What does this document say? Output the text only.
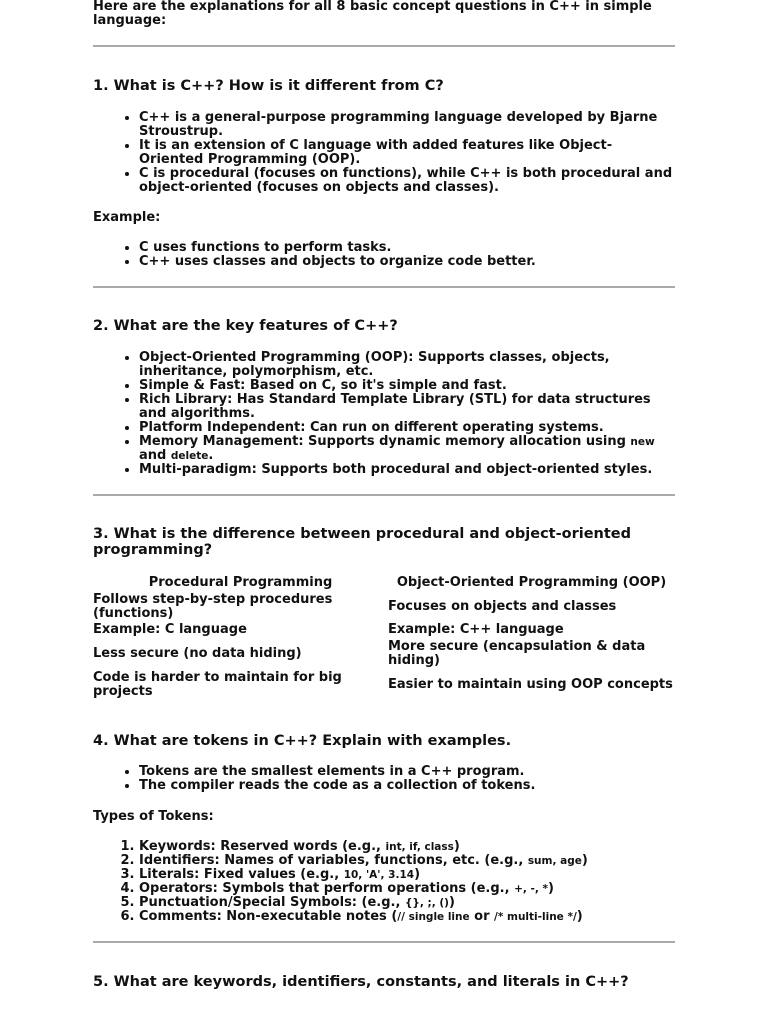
Here are the explanations for all 8 basic concept questions in C++ in simple language:

1. What is C++? How is it different from C?
• C++ is a general-purpose programming language developed by Bjarne Stroustrup.
• It is an extension of C language with added features like Object-Oriented Programming (OOP).
• C is procedural (focuses on functions), while C++ is both procedural and object-oriented (focuses on objects and classes).

Example:

• C uses functions to perform tasks.
• C++ uses classes and objects to organize code better.
2. What are the key features of C++?
• Object-Oriented Programming (OOP): Supports classes, objects, inheritance, polymorphism, etc.
• Simple & Fast: Based on C, so it's simple and fast.
• Rich Library: Has Standard Template Library (STL) for data structures and algorithms.
• Platform Independent: Can run on different operating systems.
• Memory Management: Supports dynamic memory allocation using new and delete.
• Multi-paradigm: Supports both procedural and object-oriented styles.
3. What is the difference between procedural and object-oriented programming?
Procedural Programming	Object-Oriented Programming (OOP)
Follows step-by-step procedures (functions)	Focuses on objects and classes
Example: C language	Example: C++ language
Less secure (no data hiding)	More secure (encapsulation & data hiding)
Code is harder to maintain for big projects	Easier to maintain using OOP concepts
4. What are tokens in C++? Explain with examples.
• Tokens are the smallest elements in a C++ program.
• The compiler reads the code as a collection of tokens.

Types of Tokens:

1. Keywords: Reserved words (e.g., int, if, class)
2. Identifiers: Names of variables, functions, etc. (e.g., sum, age)
3. Literals: Fixed values (e.g., 10, 'A', 3.14)
4. Operators: Symbols that perform operations (e.g., +, -, *)
5. Punctuation/Special Symbols: (e.g., {}, ;, ())
6. Comments: Non-executable notes (// single line or /* multi-line */)
5. What are keywords, identifiers, constants, and literals in C++?
